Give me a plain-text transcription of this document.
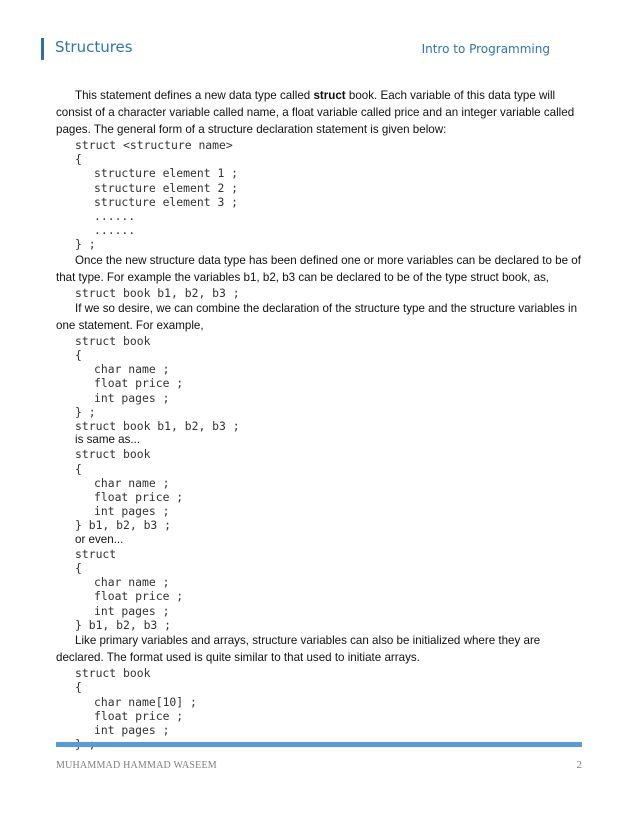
Structures	Intro to Programming

This statement defines a new data type called struct book. Each variable of this data type will consist of a character variable called name, a float variable called price and an integer variable called pages. The general form of a structure declaration statement is given below:

struct <structure name>
{
structure element 1 ;
structure element 2 ;
structure element 3 ;
......
......
} ;

Once the new structure data type has been defined one or more variables can be declared to be of that type. For example the variables b1, b2, b3 can be declared to be of the type struct book, as,

struct book b1, b2, b3 ;

If we so desire, we can combine the declaration of the structure type and the structure variables in one statement. For example,

struct book
{
char name ;
float price ;
int pages ;
} ;
struct book b1, b2, b3 ;
is same as...
struct book
{
char name ;
float price ;
int pages ;
} b1, b2, b3 ;
or even...
struct
{
char name ;
float price ;
int pages ;
} b1, b2, b3 ;

Like primary variables and arrays, structure variables can also be initialized where they are declared. The format used is quite similar to that used to initiate arrays.

struct book
{
char name[10] ;
float price ;
int pages ;
MUHAMMAD HAMMAD WASEEM	2
